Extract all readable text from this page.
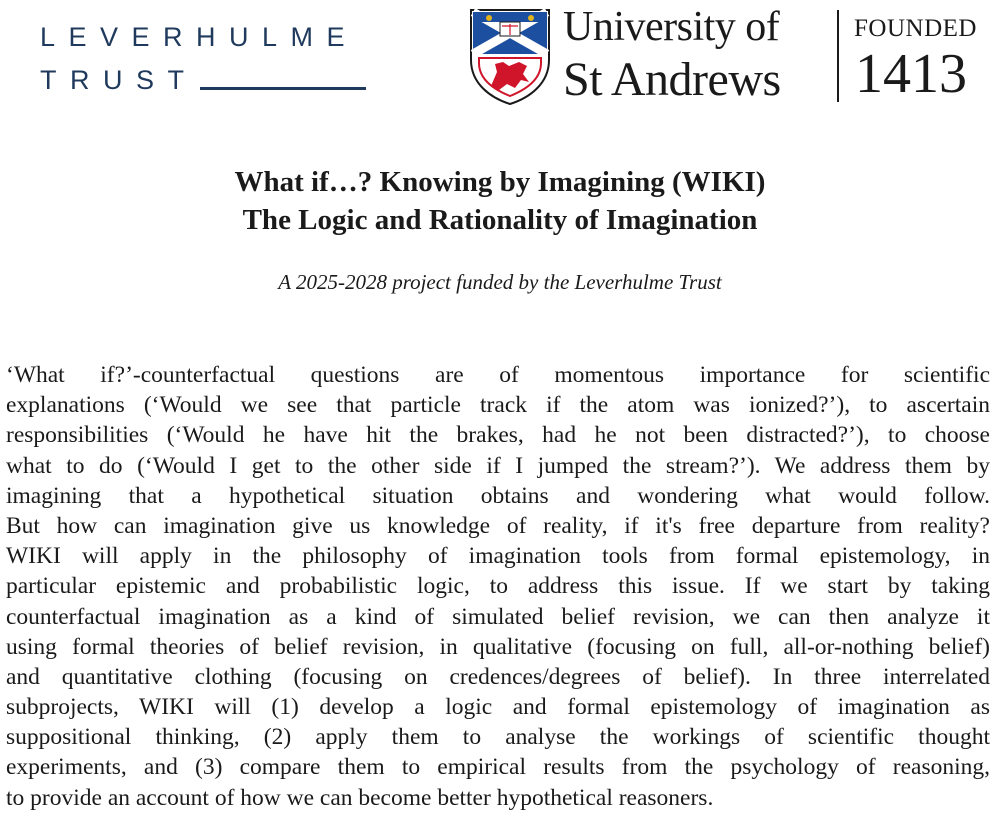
LEVERHULME
TRUST
University of
St Andrews
FOUNDED
1413
What if…? Knowing by Imagining (WIKI)
The Logic and Rationality of Imagination
A 2025-2028 project funded by the Leverhulme Trust
‘What if?’-counterfactual questions are of momentous importance for scientific
explanations (‘Would we see that particle track if the atom was ionized?’), to ascertain
responsibilities (‘Would he have hit the brakes, had he not been distracted?’), to choose
what to do (‘Would I get to the other side if I jumped the stream?’). We address them by
imagining that a hypothetical situation obtains and wondering what would follow.
But how can imagination give us knowledge of reality, if it's free departure from reality?
WIKI will apply in the philosophy of imagination tools from formal epistemology, in
particular epistemic and probabilistic logic, to address this issue. If we start by taking
counterfactual imagination as a kind of simulated belief revision, we can then analyze it
using formal theories of belief revision, in qualitative (focusing on full, all-or-nothing belief)
and quantitative clothing (focusing on credences/degrees of belief). In three interrelated
subprojects, WIKI will (1) develop a logic and formal epistemology of imagination as
suppositional thinking, (2) apply them to analyse the workings of scientific thought
experiments, and (3) compare them to empirical results from the psychology of reasoning,
to provide an account of how we can become better hypothetical reasoners.
